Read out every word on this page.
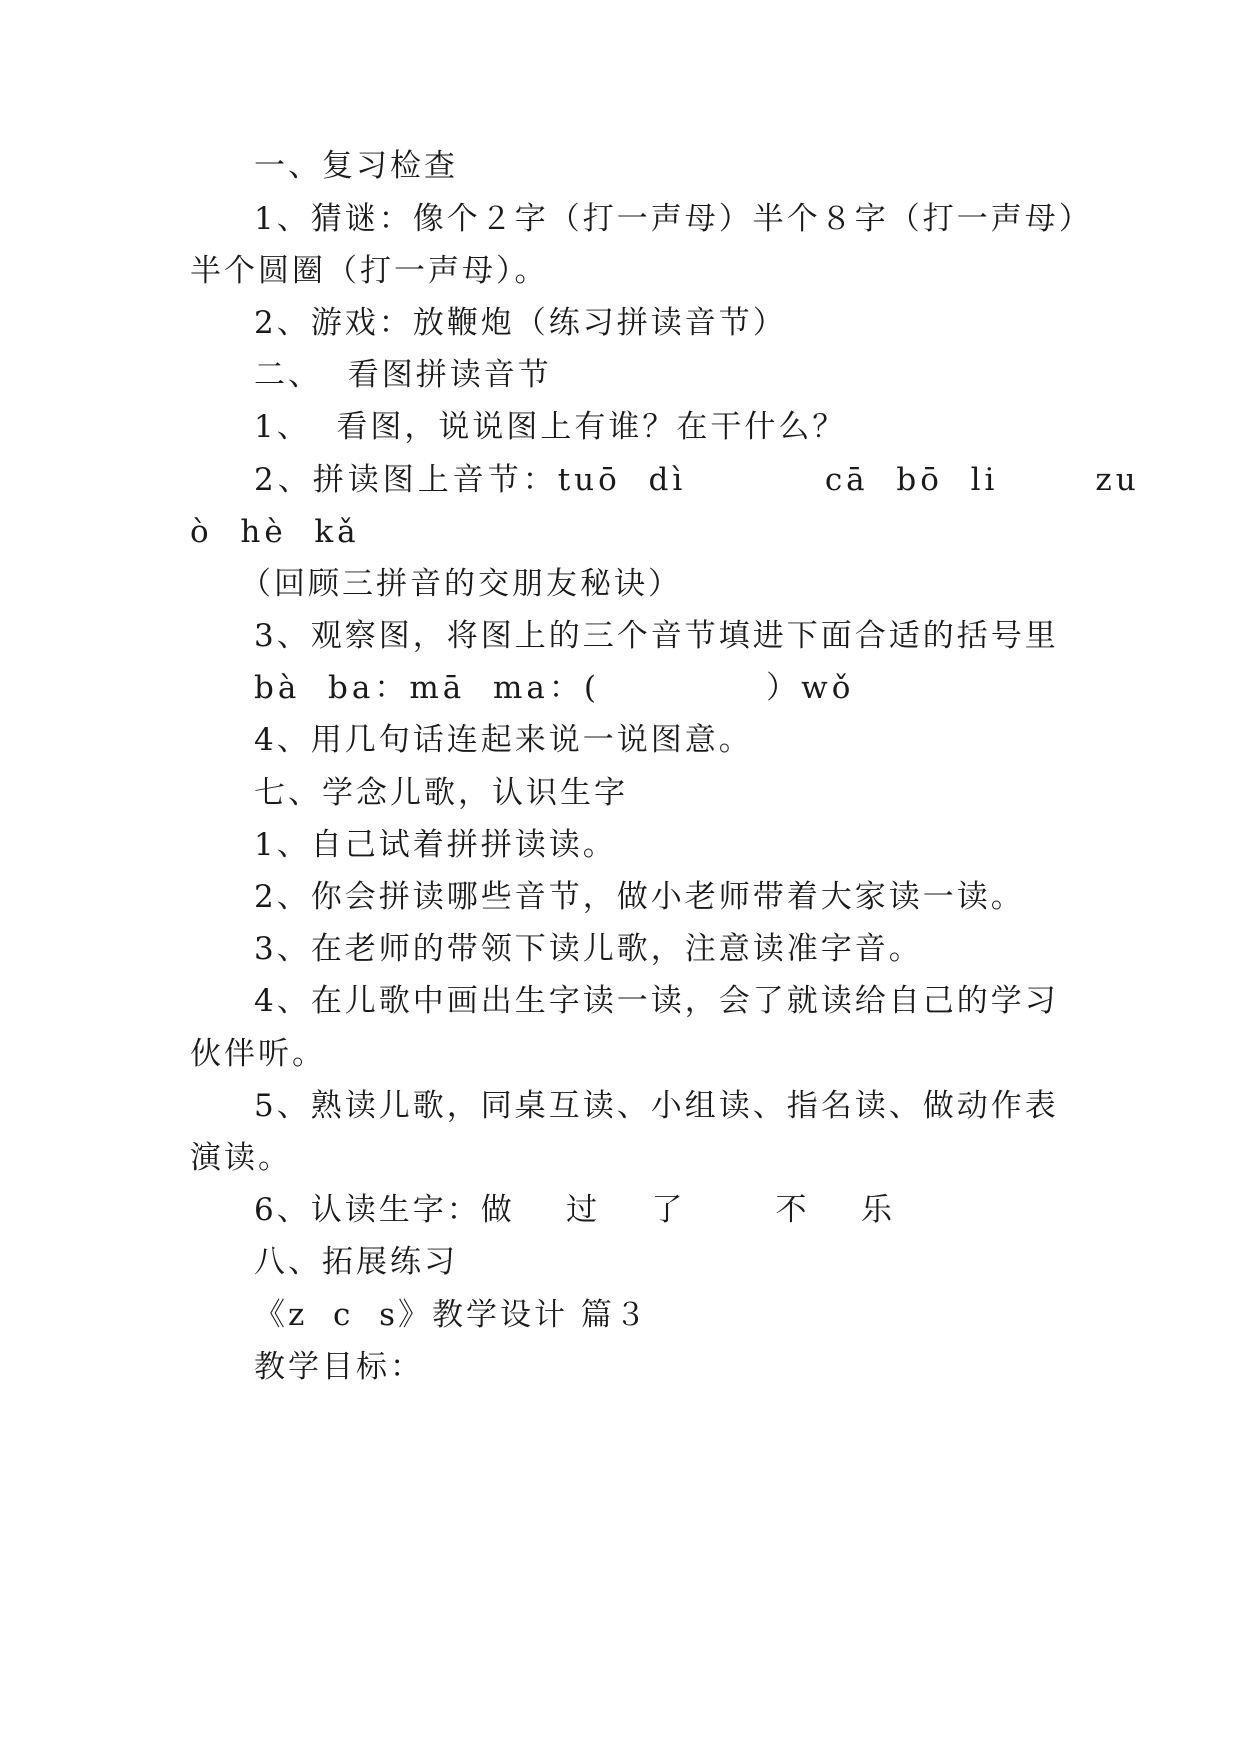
一、复习检查
1、猜谜：像个２字（打一声母）半个８字（打一声母）
半个圆圈（打一声母）。
2、游戏：放鞭炮（练习拼读音节）
二、  看图拼读音节
1、  看图，说说图上有谁？在干什么？
2、拼读图上音节：tuō  dì          cā  bō  li       zu
ò  hè  kǎ
（回顾三拼音的交朋友秘诀）
3、观察图，将图上的三个音节填进下面合适的括号里
bà  ba：mā  ma：(            ）wǒ
4、用几句话连起来说一说图意。
七、学念儿歌，认识生字
1、自己试着拼拼读读。
2、你会拼读哪些音节，做小老师带着大家读一读。
3、在老师的带领下读儿歌，注意读准字音。
4、在儿歌中画出生字读一读，会了就读给自己的学习
伙伴听。
5、熟读儿歌，同桌互读、小组读、指名读、做动作表
演读。
6、认读生字：做    过    了       不    乐
八、拓展练习
《z  c  s》教学设计 篇３
教学目标：
